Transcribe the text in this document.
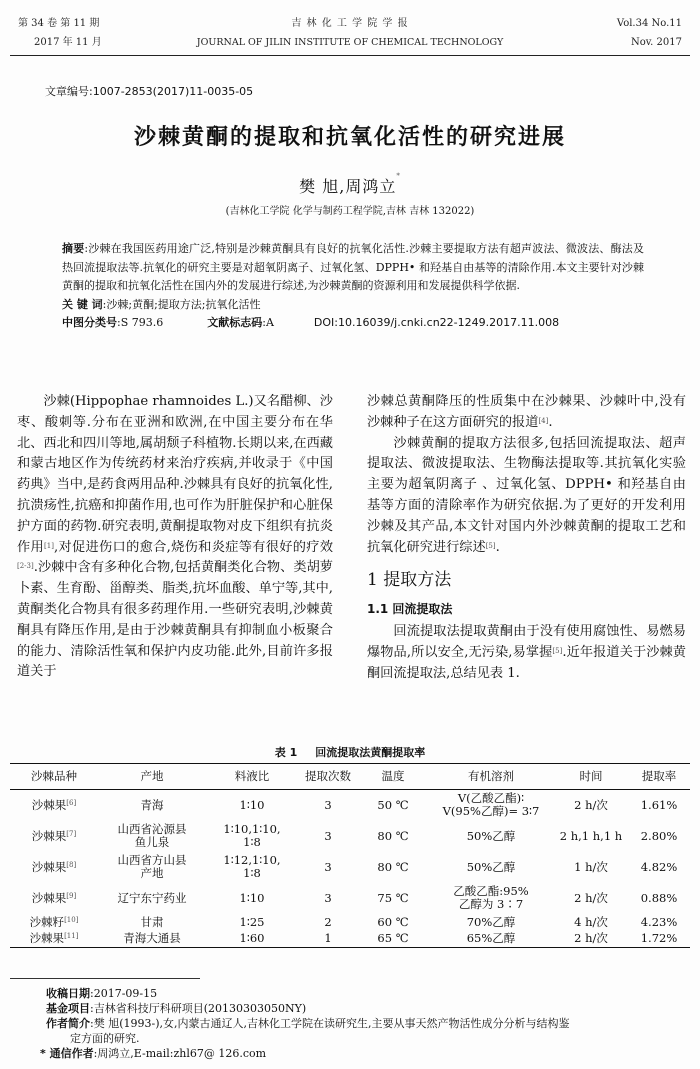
第 34 卷 第 11 期
2017 年 11 月
吉 林 化 工 学 院 学 报
JOURNAL OF JILIN INSTITUTE OF CHEMICAL TECHNOLOGY
Vol.34 No.11
Nov. 2017
文章编号:1007-2853(2017)11-0035-05
沙棘黄酮的提取和抗氧化活性的研究进展
樊 旭,周鸿立*
(吉林化工学院 化学与制药工程学院,吉林 吉林 132022)
摘要:沙棘在我国医药用途广泛,特别是沙棘黄酮具有良好的抗氧化活性.沙棘主要提取方法有超声波法、微波法、酶法及热回流提取法等.抗氧化的研究主要是对超氧阴离子、过氧化氢、DPPH• 和羟基自由基等的清除作用.本文主要针对沙棘黄酮的提取和抗氧化活性在国内外的发展进行综述,为沙棘黄酮的资源利用和发展提供科学依据.
关 键 词:沙棘;黄酮;提取方法;抗氧化活性
中图分类号:S 793.6	文献标志码:A	DOI:10.16039/j.cnki.cn22-1249.2017.11.008

沙棘(Hippophae rhamnoides L.)又名醋柳、沙枣、酸刺等.分布在亚洲和欧洲,在中国主要分布在华北、西北和四川等地,属胡颓子科植物.长期以来,在西藏和蒙古地区作为传统药材来治疗疾病,并收录于《中国药典》当中,是药食两用品种.沙棘具有良好的抗氧化性,抗溃疡性,抗癌和抑菌作用,也可作为肝脏保护和心脏保护方面的药物.研究表明,黄酮提取物对皮下组织有抗炎作用[1],对促进伤口的愈合,烧伤和炎症等有很好的疗效[2-3].沙棘中含有多种化合物,包括黄酮类化合物、类胡萝卜素、生育酚、甾醇类、脂类,抗坏血酸、单宁等,其中,黄酮类化合物具有很多药理作用.一些研究表明,沙棘黄酮具有降压作用,是由于沙棘黄酮具有抑制血小板聚合的能力、清除活性氧和保护内皮功能.此外,目前许多报道关于

沙棘总黄酮降压的性质集中在沙棘果、沙棘叶中,没有沙棘种子在这方面研究的报道[4].

沙棘黄酮的提取方法很多,包括回流提取法、超声提取法、微波提取法、生物酶法提取等.其抗氧化实验主要为超氧阴离子 、过氧化氢、DPPH• 和羟基自由基等方面的清除率作为研究依据.为了更好的开发利用沙棘及其产品,本文针对国内外沙棘黄酮的提取工艺和抗氧化研究进行综述[5].

1 提取方法
1.1 回流提取法

回流提取法提取黄酮由于没有使用腐蚀性、易燃易爆物品,所以安全,无污染,易掌握[5].近年报道关于沙棘黄酮回流提取法,总结见表 1.

表 1 回流提取法黄酮提取率
沙棘品种	产地	料液比	提取次数	温度	有机溶剂	时间	提取率
沙棘果[6]	青海	1∶10	3	50 ℃	V(乙酸乙酯)∶
V(95%乙醇)= 3∶7	2 h/次	1.61%
沙棘果[7]	山西省沁源县
鱼儿泉	1∶10,1∶10,
1∶8	3	80 ℃	50%乙醇	2 h,1 h,1 h	2.80%
沙棘果[8]	山西省方山县
产地	1∶12,1∶10,
1∶8	3	80 ℃	50%乙醇	1 h/次	4.82%
沙棘果[9]	辽宁东宁药业	1∶10	3	75 ℃	乙酸乙酯:95%
乙醇为 3∶7	2 h/次	0.88%
沙棘籽[10]	甘肃	1∶25	2	60 ℃	70%乙醇	4 h/次	4.23%
沙棘果[11]	青海大通县	1∶60	1	65 ℃	65%乙醇	2 h/次	1.72%
收稿日期:2017-09-15
基金项目:吉林省科技厅科研项目(20130303050NY)
作者简介:樊 旭(1993-),女,内蒙古通辽人,吉林化工学院在读研究生,主要从事天然产物活性成分分析与结构鉴
定方面的研究.
* 通信作者:周鸿立,E-mail:zhl67@ 126.com
